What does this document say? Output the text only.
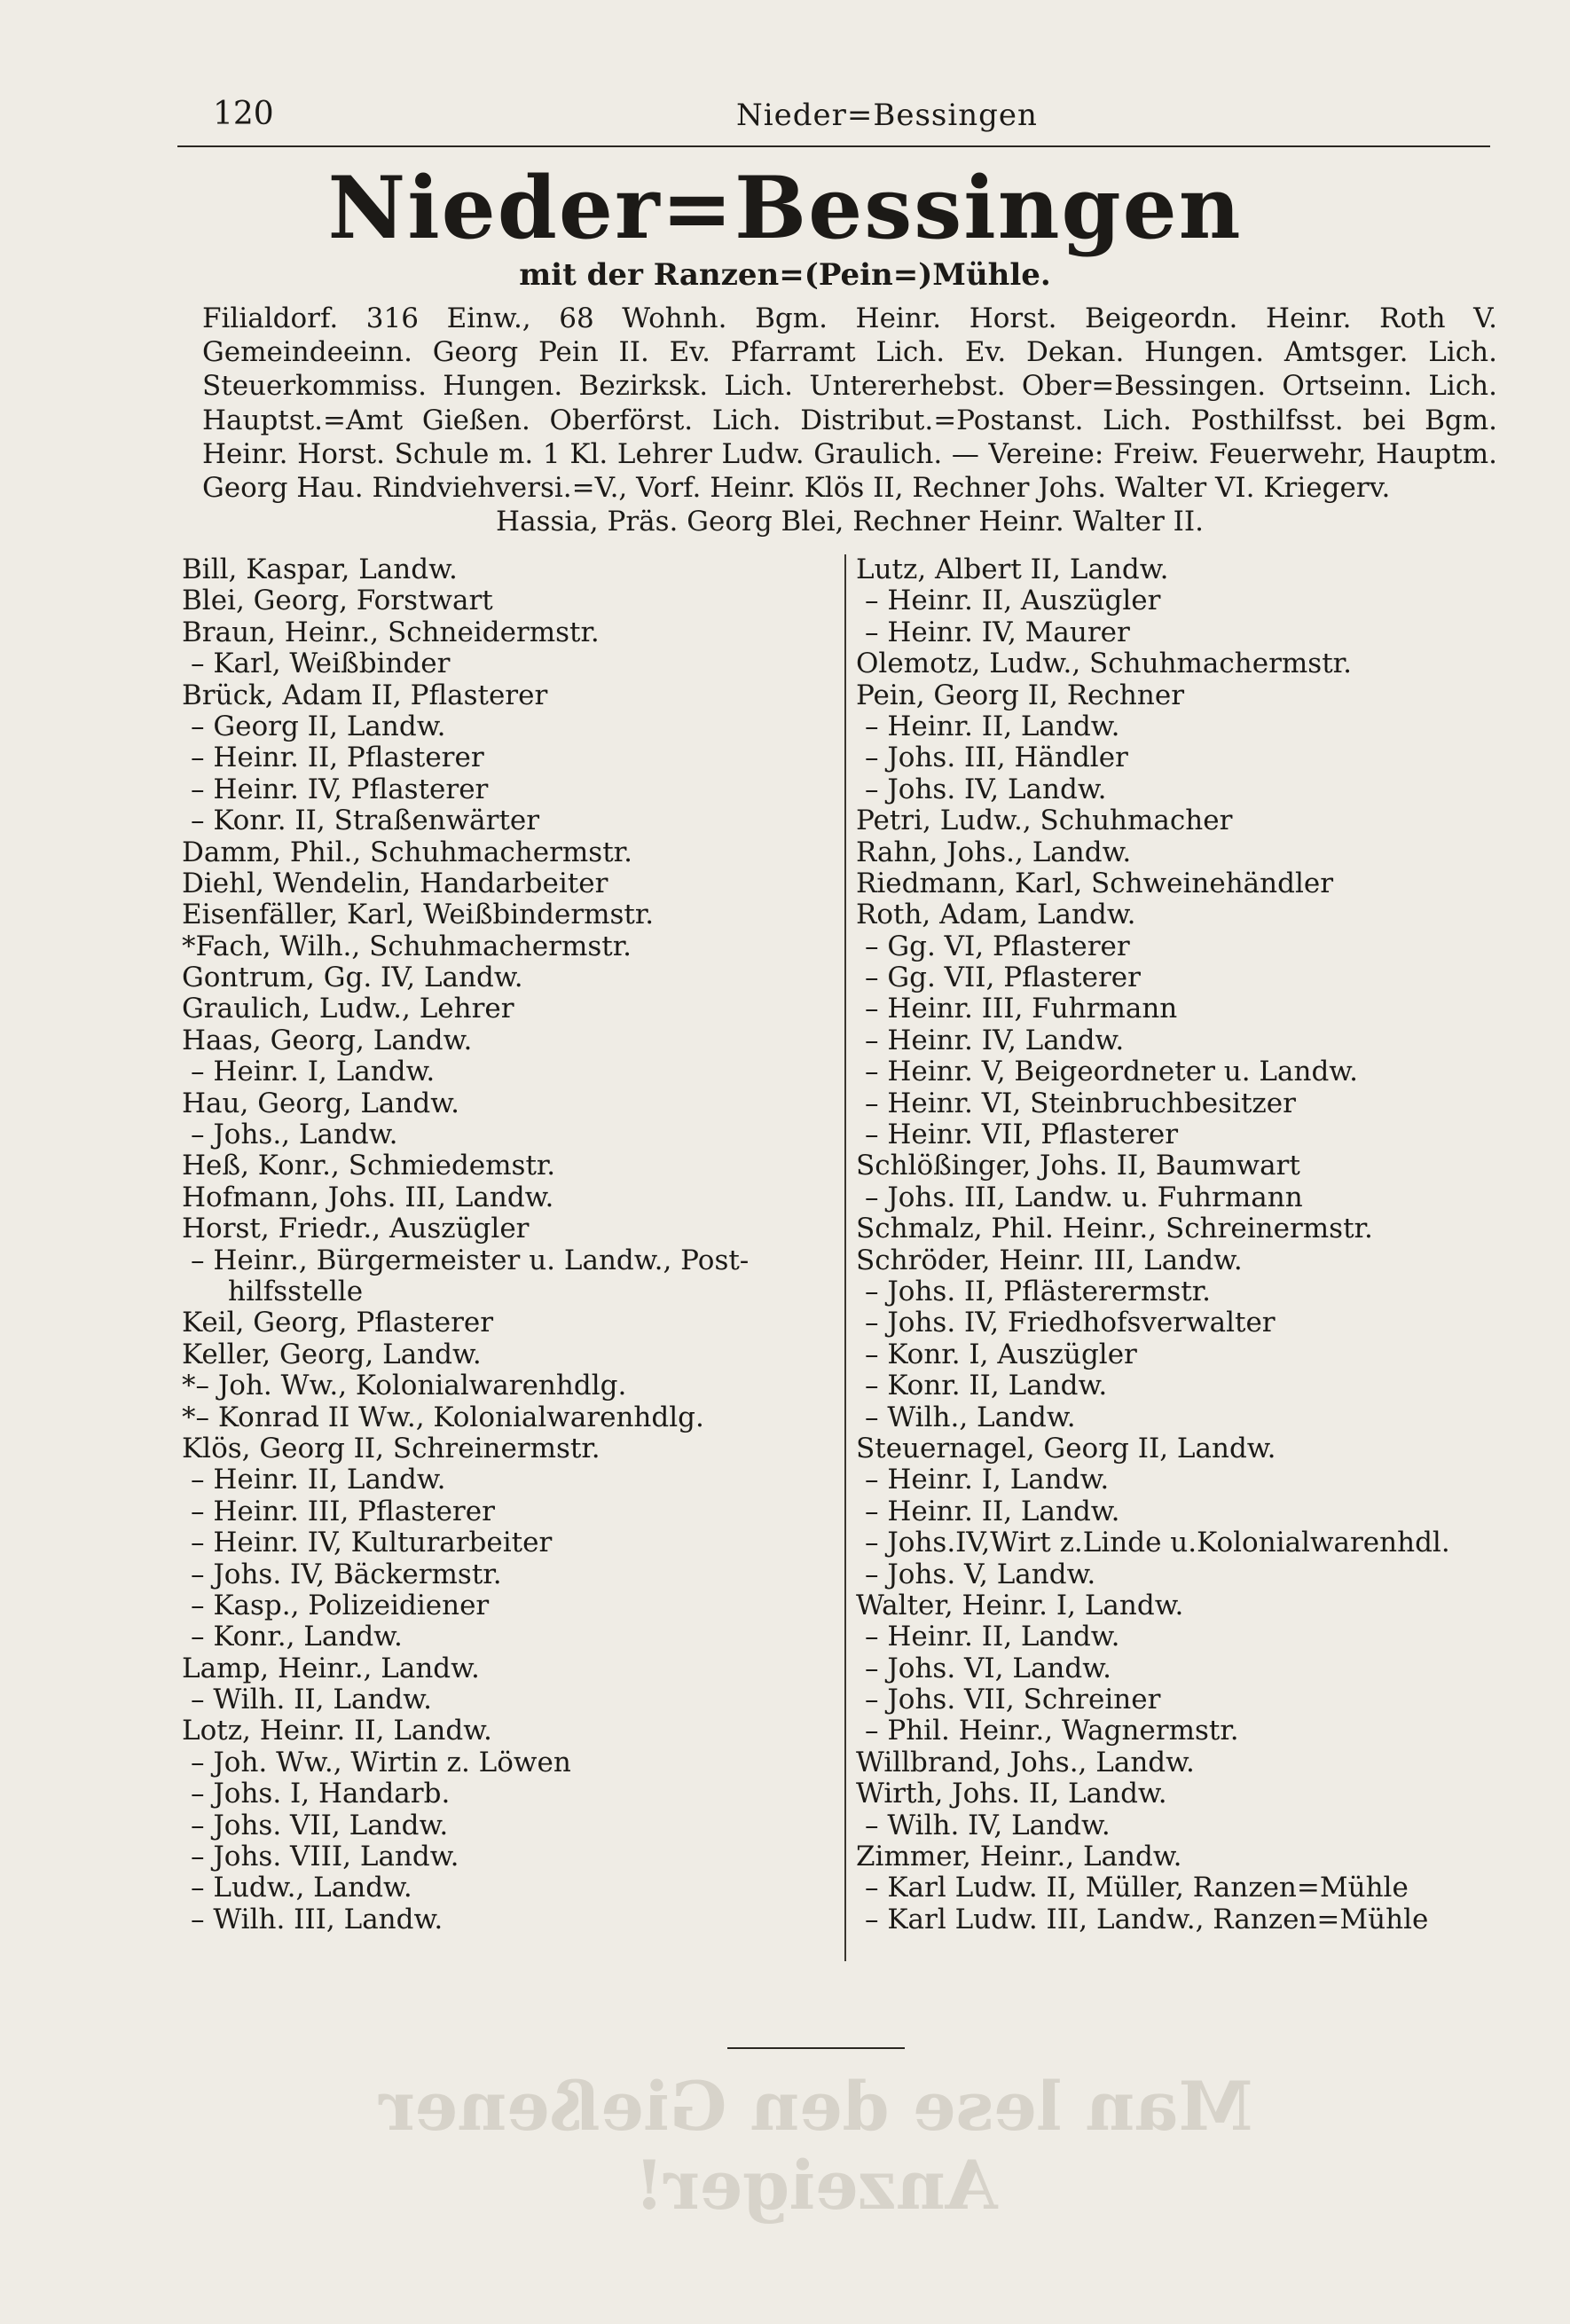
120	Nieder=Bessingen
Nieder=Bessingen
mit der Ranzen=(Pein=)Mühle.
Filialdorf. 316 Einw., 68 Wohnh. Bgm. Heinr. Horst. Beigeordn. Heinr. Roth V. Gemeindeeinn. Georg Pein II. Ev. Pfarramt Lich. Ev. Dekan. Hungen. Amtsger. Lich. Steuerkommiss. Hungen. Bezirksk. Lich. Untererhebst. Ober=Bessingen. Ortseinn. Lich. Hauptst.=Amt Gießen. Oberförst. Lich. Distribut.=Postanst. Lich. Posthilfsst. bei Bgm. Heinr. Horst. Schule m. 1 Kl. Lehrer Ludw. Graulich. — Vereine: Freiw. Feuerwehr, Hauptm. Georg Hau. Rindviehversi.=V., Vorf. Heinr. Klös II, Rechner Johs. Walter VI. Kriegerv.
Hassia, Präs. Georg Blei, Rechner Heinr. Walter II.
Bill, Kaspar, Landw.
Blei, Georg, Forstwart
Braun, Heinr., Schneidermstr.
– Karl, Weißbinder
Brück, Adam II, Pflasterer
– Georg II, Landw.
– Heinr. II, Pflasterer
– Heinr. IV, Pflasterer
– Konr. II, Straßenwärter
Damm, Phil., Schuhmachermstr.
Diehl, Wendelin, Handarbeiter
Eisenfäller, Karl, Weißbindermstr.
*Fach, Wilh., Schuhmachermstr.
Gontrum, Gg. IV, Landw.
Graulich, Ludw., Lehrer
Haas, Georg, Landw.
– Heinr. I, Landw.
Hau, Georg, Landw.
– Johs., Landw.
Heß, Konr., Schmiedemstr.
Hofmann, Johs. III, Landw.
Horst, Friedr., Auszügler
– Heinr., Bürgermeister u. Landw., Post-
hilfsstelle
Keil, Georg, Pflasterer
Keller, Georg, Landw.
*– Joh. Ww., Kolonialwarenhdlg.
*– Konrad II Ww., Kolonialwarenhdlg.
Klös, Georg II, Schreinermstr.
– Heinr. II, Landw.
– Heinr. III, Pflasterer
– Heinr. IV, Kulturarbeiter
– Johs. IV, Bäckermstr.
– Kasp., Polizeidiener
– Konr., Landw.
Lamp, Heinr., Landw.
– Wilh. II, Landw.
Lotz, Heinr. II, Landw.
– Joh. Ww., Wirtin z. Löwen
– Johs. I, Handarb.
– Johs. VII, Landw.
– Johs. VIII, Landw.
– Ludw., Landw.
– Wilh. III, Landw.
Lutz, Albert II, Landw.
– Heinr. II, Auszügler
– Heinr. IV, Maurer
Olemotz, Ludw., Schuhmachermstr.
Pein, Georg II, Rechner
– Heinr. II, Landw.
– Johs. III, Händler
– Johs. IV, Landw.
Petri, Ludw., Schuhmacher
Rahn, Johs., Landw.
Riedmann, Karl, Schweinehändler
Roth, Adam, Landw.
– Gg. VI, Pflasterer
– Gg. VII, Pflasterer
– Heinr. III, Fuhrmann
– Heinr. IV, Landw.
– Heinr. V, Beigeordneter u. Landw.
– Heinr. VI, Steinbruchbesitzer
– Heinr. VII, Pflasterer
Schlößinger, Johs. II, Baumwart
– Johs. III, Landw. u. Fuhrmann
Schmalz, Phil. Heinr., Schreinermstr.
Schröder, Heinr. III, Landw.
– Johs. II, Pflästerermstr.
– Johs. IV, Friedhofsverwalter
– Konr. I, Auszügler
– Konr. II, Landw.
– Wilh., Landw.
Steuernagel, Georg II, Landw.
– Heinr. I, Landw.
– Heinr. II, Landw.
– Johs.IV,Wirt z.Linde u.Kolonialwarenhdl.
– Johs. V, Landw.
Walter, Heinr. I, Landw.
– Heinr. II, Landw.
– Johs. VI, Landw.
– Johs. VII, Schreiner
– Phil. Heinr., Wagnermstr.
Willbrand, Johs., Landw.
Wirth, Johs. II, Landw.
– Wilh. IV, Landw.
Zimmer, Heinr., Landw.
– Karl Ludw. II, Müller, Ranzen=Mühle
– Karl Ludw. III, Landw., Ranzen=Mühle
Man lese den Gießener Anzeiger!
